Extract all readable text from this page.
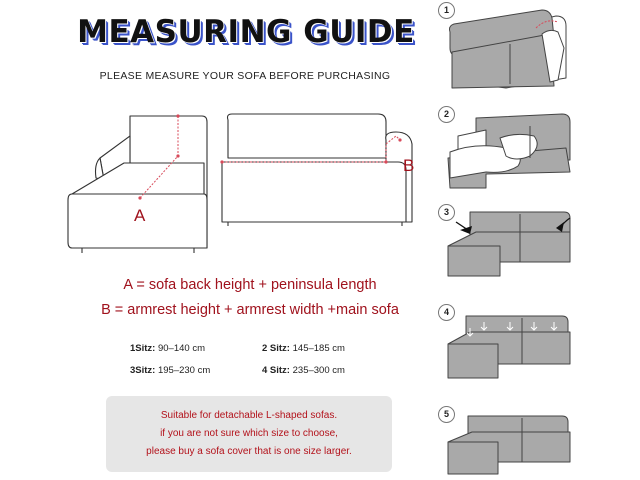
MEASURING GUIDE
PLEASE MEASURE YOUR SOFA BEFORE PURCHASING
A
B
A = sofa back height + peninsula length
B = armrest height + armrest width +main sofa
1Sitz: 90–140 cm	2 Sitz: 145–185 cm
3Sitz: 195–230 cm	4 Sitz: 235–300 cm
Suitable for detachable L-shaped sofas.
if you are not sure which size to choose,
please buy a sofa cover that is one size larger.
1
2
3
4
5
